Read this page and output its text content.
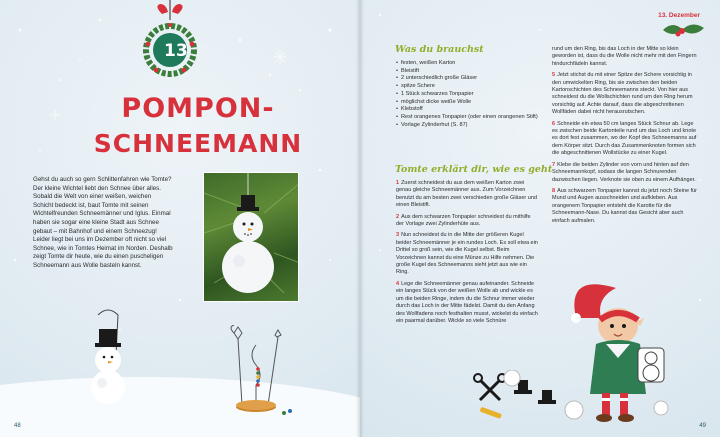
13
POMPON-
SCHNEEMANN

Gehst du auch so gern Schlittenfahren wie Tomte? Der kleine Wichtel liebt den Schnee über alles. Sobald die Welt von einer weißen, weichen Schicht bedeckt ist, baut Tomte mit seinen Wichtelfreunden Schneemänner und Iglus. Einmal haben sie sogar eine kleine Stadt aus Schnee gebaut – mit Bahnhof und einem Schneezug! Leider liegt bei uns im Dezember oft nicht so viel Schnee, wie in Tomtes Heimat im Norden. Deshalb zeigt Tomte dir heute, wie du einen puscheligen Schneemann aus Wolle basteln kannst.

48
13. Dezember
Was du brauchst
• festen, weißen Karton
• Bleistift
• 2 unterschiedlich große Gläser
• spitze Schere
• 1 Stück schwarzes Tonpapier
• möglichst dicke weiße Wolle
• Klebstoff
• Rest orangenes Tonpapier (oder einen orangenen Stift)
• Vorlage Zylinderhut (S. 87)
Tomte erklärt dir, wie es geht

1 Zuerst schneidest du aus dem weißen Karton zwei genau gleiche Schneemänner aus. Zum Vorzeichnen benutzt du am besten zwei verschieden große Gläser und einen Bleistift.

2 Aus dem schwarzen Tonpapier schneidest du mithilfe der Vorlage zwei Zylinderhüte aus.

3 Nun schneidest du in die Mitte der größeren Kugel beider Schneemänner je ein rundes Loch. Es soll etwa ein Drittel so groß sein, wie die Kugel selbst. Beim Vorzeichnen kannst du eine Münze zu Hilfe nehmen. Die große Kugel des Schneemanns sieht jetzt aus wie ein Ring.

4 Lege die Schneemänner genau aufeinander. Schneide ein langes Stück von der weißen Wolle ab und wickle es um die beiden Ringe, indem du die Schnur immer wieder durch das Loch in der Mitte fädelst. Damit du den Anfang des Wollfadens noch festhalten musst, wickelst du einfach ein paarmal darüber. Wickle so viele Schnüre

rund um den Ring, bis das Loch in der Mitte so klein geworden ist, dass du die Wolle nicht mehr mit den Fingern hindurchfädeln kannst.

5 Jetzt stichst du mit einer Spitze der Schere vorsichtig in den umwickelten Ring, bis sie zwischen den beiden Kartonschichten des Schneemanns steckt. Von hier aus schneidest du die Wollschichten rund um den Ring herum vorsichtig auf. Achte darauf, dass die abgeschnittenen Wollfäden dabei nicht herausrutschen.

6 Schneide ein etwa 50 cm langes Stück Schnur ab. Lege es zwischen beide Kartonteile rund um das Loch und knote es dort fest zusammen, wo der Kopf des Schneemanns auf dem Körper sitzt. Durch das Zusammenknoten formen sich die abgeschnittenen Wollstücke zu einer Kugel.

7 Klebe die beiden Zylinder von vorn und hinten auf den Schneemannkopf, sodass die langen Schnurenden dazwischen liegen. Verknote sie oben zu einem Aufhänger.

8 Aus schwarzem Tonpapier kannst du jetzt noch Steine für Mund und Augen ausschneiden und aufkleben. Aus orangenem Tonpapier entsteht die Karotte für die Schneemann-Nase. Du kannst das Gesicht aber auch einfach aufmalen.

49
